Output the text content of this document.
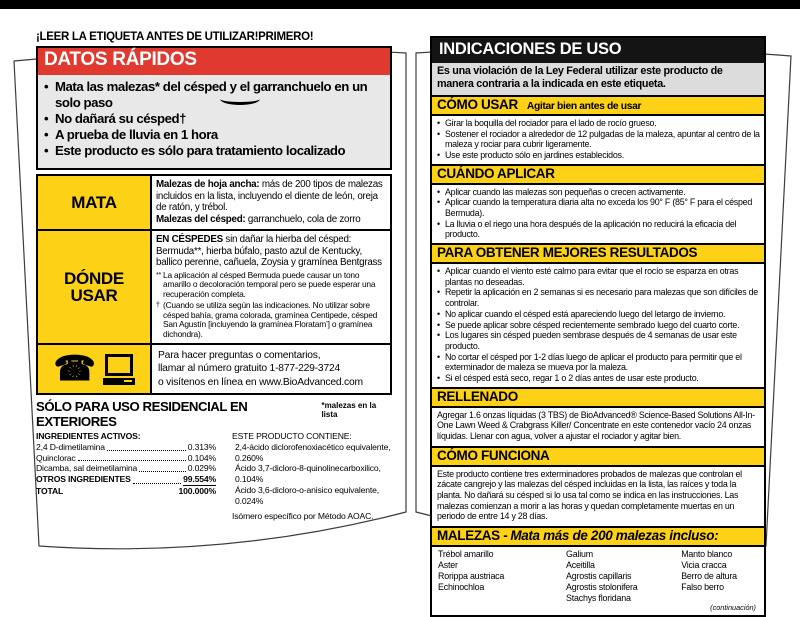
¡LEER LA ETIQUETA ANTES DE UTILIZAR!PRIMERO!
DATOS RÁPIDOS
• Mata las malezas* del césped y el garranchuelo en un solo paso
• No dañará su césped†
• A prueba de lluvia en 1 hora
• Este producto es sólo para tratamiento localizado
MATA
Malezas de hoja ancha: más de 200 tipos de malezas incluidos en la lista, incluyendo el diente de león, oreja de ratón, y trébol.
Malezas del césped: garranchuelo, cola de zorro
DÓNDE USAR
EN CÉSPEDES sin dañar la hierba del césped: Bermuda**, hierba búfalo, pasto azul de Kentucky, ballico perenne, cañuela, Zoysia y gramínea Bentgrass
** La aplicación al césped Bermuda puede causar un tono amarillo o decoloración temporal pero se puede esperar una recuperación completa.
† (Cuando se utiliza según las indicaciones. No utilizar sobre césped bahía, grama colorada, gramínea Centipede, césped San Agustín [incluyendo la gramínea Floratam’] o gramínea dichondra).
☎	Para hacer preguntas o comentarios,
llamar al número gratuito 1-877-229-3724
o visítenos en línea en www.BioAdvanced.com
SÓLO PARA USO RESIDENCIAL EN EXTERIORES
*malezas en la lista
INGREDIENTES ACTIVOS:
2,4 D-dimetilamina	0.313%
Quinclorac	0.104%
Dicamba, sal deimetilamina	0.029%
OTROS INGREDIENTES	99.554%
TOTAL	100.000%
ESTE PRODUCTO CONTIENE:
2,4-ácido diclorofenoxiacético equivalente, 0.260%
Ácido 3,7-dicloro-8-quinolinecarboxilico, 0.104%
Ácido 3,6-dicloro-o-anisico equivalente, 0.024%
Isómero específico por Método AOAC.
INDICACIONES DE USO
Es una violación de la Ley Federal utilizar este producto de manera contraria a la indicada en este etiqueta.
CÓMO USAR Agitar bien antes de usar
• Girar la boquilla del rociador para el lado de rocío grueso.
• Sostener el rociador a alrededor de 12 pulgadas de la maleza, apuntar al centro de la maleza y rociar para cubrir ligeramente.
• Use este producto sólo en jardines establecidos.
CUÁNDO APLICAR
• Aplicar cuando las malezas son pequeñas o crecen activamente.
• Aplicar cuando la temperatura diaria alta no exceda los 90° F (85° F para el césped Bermuda).
• La lluvia o el riego una hora después de la aplicación no reducirá la eficacia del producto.
PARA OBTENER MEJORES RESULTADOS
• Aplicar cuando el viento esté calmo para evitar que el rocío se esparza en otras plantas no deseadas.
• Repetir la aplicación en 2 semanas si es necesario para malezas que son difíciles de controlar.
• No aplicar cuando el césped está apareciendo luego del letargo de invierno.
• Se puede aplicar sobre césped recientemente sembrado luego del cuarto corte.
• Los lugares sin césped pueden sembrase después de 4 semanas de usar este producto.
• No cortar el césped por 1-2 días luego de aplicar el producto para permitir que el exterminador de maleza se mueva por la maleza.
• Si el césped está seco, regar 1 o 2 días antes de usar este producto.
RELLENADO

Agregar 1.6 onzas líquidas (3 TBS) de BioAdvanced® Science-Based Solutions All-In-One Lawn Weed & Crabgrass Killer/ Concentrate en este contenedor vacío 24 onzas líquidas. Llenar con agua, volver a ajustar el rociador y agitar bien.

CÓMO FUNCIONA

Este producto contiene tres exterminadores probados de malezas que controlan el zácate cangrejo y las malezas del césped incluidas en la lista, las raíces y toda la planta. No dañará su césped si lo usa tal como se indica en las instrucciones. Las malezas comienzan a morir a las horas y quedan completamente muertas en un periodo de entre 14 y 28 días.

MALEZAS - Mata más de 200 malezas incluso:
Trébol amarillo
Aster
Rorippa austriaca
Echinochloa
Galium
Aceitilla
Agrostis capillaris
Agrostis stolonifera
Stachys floridana
Manto blanco
Vicia cracca
Berro de altura
Falso berro
(continuación)
